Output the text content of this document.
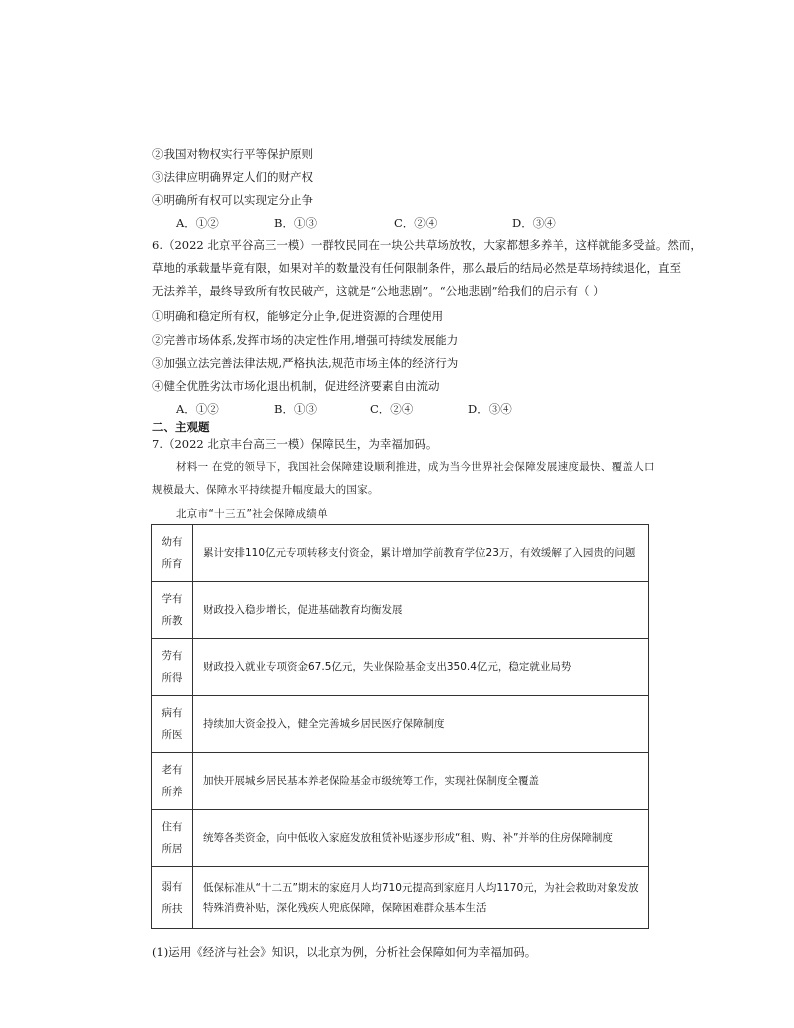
②我国对物权实行平等保护原则
③法律应明确界定人们的财产权
④明确所有权可以实现定分止争
A．①②	B．①③	C．②④	D．③④
6.（2022 北京平谷高三一模）一群牧民同在一块公共草场放牧，大家都想多养羊，这样就能多受益。然而，
草地的承载量毕竟有限，如果对羊的数量没有任何限制条件，那么最后的结局必然是草场持续退化，直至
无法养羊，最终导致所有牧民破产，这就是“公地悲剧”。“公地悲剧”给我们的启示有（ ）
①明确和稳定所有权，能够定分止争,促进资源的合理使用
②完善市场体系,发挥市场的决定性作用,增强可持续发展能力
③加强立法完善法律法规,严格执法,规范市场主体的经济行为
④健全优胜劣汰市场化退出机制，促进经济要素自由流动
A．①②	B．①③	C．②④	D．③④
二、主观题
7.（2022 北京丰台高三一模）保障民生，为幸福加码。
材料一 在党的领导下，我国社会保障建设顺利推进，成为当今世界社会保障发展速度最快、覆盖人口
规模最大、保障水平持续提升幅度最大的国家。
北京市“十三五”社会保障成绩单
幼有
所育	累计安排110亿元专项转移支付资金，累计增加学前教育学位23万，有效缓解了入园贵的问题

学有
所教	财政投入稳步增长，促进基础教育均衡发展

劳有
所得	财政投入就业专项资金67.5亿元，失业保险基金支出350.4亿元，稳定就业局势

病有
所医	持续加大资金投入，健全完善城乡居民医疗保障制度

老有
所养	加快开展城乡居民基本养老保险基金市级统筹工作，实现社保制度全覆盖

住有
所居	统筹各类资金，向中低收入家庭发放租赁补贴逐步形成“租、购、补”并举的住房保障制度

弱有
所扶	低保标准从“十二五”期末的家庭月人均710元提高到家庭月人均1170元，为社会救助对象发放特殊消费补贴，深化残疾人兜底保障，保障困难群众基本生活
(1)运用《经济与社会》知识，以北京为例，分析社会保障如何为幸福加码。
